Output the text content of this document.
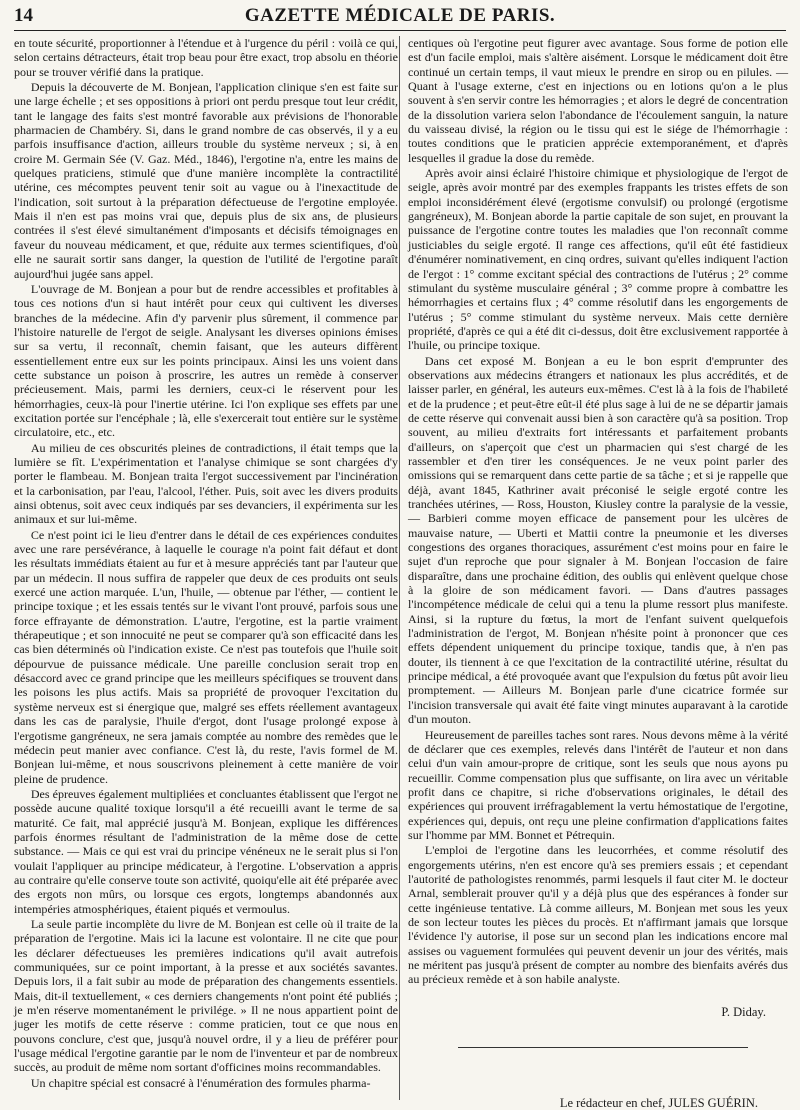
14	GAZETTE MÉDICALE DE PARIS.

en toute sécurité, proportionner à l'étendue et à l'urgence du péril : voilà ce qui, selon certains détracteurs, était trop beau pour être exact, trop absolu en théorie pour se trouver vérifié dans la pratique.

Depuis la découverte de M. Bonjean, l'application clinique s'en est faite sur une large échelle ; et ses oppositions à priori ont perdu presque tout leur crédit, tant le langage des faits s'est montré favorable aux prévisions de l'honorable pharmacien de Chambéry. Si, dans le grand nombre de cas observés, il y a eu parfois insuffisance d'action, ailleurs trouble du système nerveux ; si, à en croire M. Germain Sée (V. Gaz. Méd., 1846), l'ergotine n'a, entre les mains de quelques praticiens, stimulé que d'une manière incomplète la contractilité utérine, ces mécomptes peuvent tenir soit au vague ou à l'inexactitude de l'indication, soit surtout à la préparation défectueuse de l'ergotine employée. Mais il n'en est pas moins vrai que, depuis plus de six ans, de plusieurs contrées il s'est élevé simultanément d'imposants et décisifs témoignages en faveur du nouveau médicament, et que, réduite aux termes scientifiques, d'où elle ne saurait sortir sans danger, la question de l'utilité de l'ergotine paraît aujourd'hui jugée sans appel.

L'ouvrage de M. Bonjean a pour but de rendre accessibles et profitables à tous ces notions d'un si haut intérêt pour ceux qui cultivent les diverses branches de la médecine. Afin d'y parvenir plus sûrement, il commence par l'histoire naturelle de l'ergot de seigle. Analysant les diverses opinions émises sur sa vertu, il reconnaît, chemin faisant, que les auteurs diffèrent essentiellement entre eux sur les points principaux. Ainsi les uns voient dans cette substance un poison à proscrire, les autres un remède à conserver précieusement. Mais, parmi les derniers, ceux-ci le réservent pour les hémorrhagies, ceux-là pour l'inertie utérine. Ici l'on explique ses effets par une excitation portée sur l'encéphale ; là, elle s'exercerait tout entière sur le système circulatoire, etc., etc.

Au milieu de ces obscurités pleines de contradictions, il était temps que la lumière se fît. L'expérimentation et l'analyse chimique se sont chargées d'y porter le flambeau. M. Bonjean traita l'ergot successivement par l'incinération et la carbonisation, par l'eau, l'alcool, l'éther. Puis, soit avec les divers produits ainsi obtenus, soit avec ceux indiqués par ses devanciers, il expérimenta sur les animaux et sur lui-même.

Ce n'est point ici le lieu d'entrer dans le détail de ces expériences conduites avec une rare persévérance, à laquelle le courage n'a point fait défaut et dont les résultats immédiats étaient au fur et à mesure appréciés tant par l'auteur que par un médecin. Il nous suffira de rappeler que deux de ces produits ont seuls exercé une action marquée. L'un, l'huile, — obtenue par l'éther, — contient le principe toxique ; et les essais tentés sur le vivant l'ont prouvé, parfois sous une force effrayante de démonstration. L'autre, l'ergotine, est la partie vraiment thérapeutique ; et son innocuité ne peut se comparer qu'à son efficacité dans les cas bien déterminés où l'indication existe. Ce n'est pas toutefois que l'huile soit dépourvue de puissance médicale. Une pareille conclusion serait trop en désaccord avec ce grand principe que les meilleurs spécifiques se trouvent dans les poisons les plus actifs. Mais sa propriété de provoquer l'excitation du système nerveux est si énergique que, malgré ses effets réellement avantageux dans les cas de paralysie, l'huile d'ergot, dont l'usage prolongé expose à l'ergotisme gangréneux, ne sera jamais comptée au nombre des remèdes que le médecin peut manier avec confiance. C'est là, du reste, l'avis formel de M. Bonjean lui-même, et nous souscrivons pleinement à cette manière de voir pleine de prudence.

Des épreuves également multipliées et concluantes établissent que l'ergot ne possède aucune qualité toxique lorsqu'il a été recueilli avant le terme de sa maturité. Ce fait, mal apprécié jusqu'à M. Bonjean, explique les différences parfois énormes résultant de l'administration de la même dose de cette substance. — Mais ce qui est vrai du principe vénéneux ne le serait plus si l'on voulait l'appliquer au principe médicateur, à l'ergotine. L'observation a appris au contraire qu'elle conserve toute son activité, quoiqu'elle ait été préparée avec des ergots non mûrs, ou lorsque ces ergots, longtemps abandonnés aux intempéries atmosphériques, étaient piqués et vermoulus.

La seule partie incomplète du livre de M. Bonjean est celle où il traite de la préparation de l'ergotine. Mais ici la lacune est volontaire. Il ne cite que pour les déclarer défectueuses les premières indications qu'il avait autrefois communiquées, sur ce point important, à la presse et aux sociétés savantes. Depuis lors, il a fait subir au mode de préparation des changements essentiels. Mais, dit-il textuellement, « ces derniers changements n'ont point été publiés ; je m'en réserve momentanément le privilége. » Il ne nous appartient point de juger les motifs de cette réserve : comme praticien, tout ce que nous en pouvons conclure, c'est que, jusqu'à nouvel ordre, il y a lieu de préférer pour l'usage médical l'ergotine garantie par le nom de l'inventeur et par de nombreux succès, au produit de même nom sortant d'officines moins recommandables.

Un chapitre spécial est consacré à l'énumération des formules pharma-

centiques où l'ergotine peut figurer avec avantage. Sous forme de potion elle est d'un facile emploi, mais s'altère aisément. Lorsque le médicament doit être continué un certain temps, il vaut mieux le prendre en sirop ou en pilules. — Quant à l'usage externe, c'est en injections ou en lotions qu'on a le plus souvent à s'en servir contre les hémorragies ; et alors le degré de concentration de la dissolution variera selon l'abondance de l'écoulement sanguin, la nature du vaisseau divisé, la région ou le tissu qui est le siége de l'hémorrhagie : toutes conditions que le praticien apprécie extemporanément, et d'après lesquelles il gradue la dose du remède.

Après avoir ainsi éclairé l'histoire chimique et physiologique de l'ergot de seigle, après avoir montré par des exemples frappants les tristes effets de son emploi inconsidérément élevé (ergotisme convulsif) ou prolongé (ergotisme gangréneux), M. Bonjean aborde la partie capitale de son sujet, en prouvant la puissance de l'ergotine contre toutes les maladies que l'on reconnaît comme justiciables du seigle ergoté. Il range ces affections, qu'il eût été fastidieux d'énumérer nominativement, en cinq ordres, suivant qu'elles indiquent l'action de l'ergot : 1° comme excitant spécial des contractions de l'utérus ; 2° comme stimulant du système musculaire général ; 3° comme propre à combattre les hémorrhagies et certains flux ; 4° comme résolutif dans les engorgements de l'utérus ; 5° comme stimulant du système nerveux. Mais cette dernière propriété, d'après ce qui a été dit ci-dessus, doit être exclusivement rapportée à l'huile, ou principe toxique.

Dans cet exposé M. Bonjean a eu le bon esprit d'emprunter des observations aux médecins étrangers et nationaux les plus accrédités, et de laisser parler, en général, les auteurs eux-mêmes. C'est là à la fois de l'habileté et de la prudence ; et peut-être eût-il été plus sage à lui de ne se départir jamais de cette réserve qui convenait aussi bien à son caractère qu'à sa position. Trop souvent, au milieu d'extraits fort intéressants et parfaitement probants d'ailleurs, on s'aperçoit que c'est un pharmacien qui s'est chargé de les rassembler et d'en tirer les conséquences. Je ne veux point parler des omissions qui se remarquent dans cette partie de sa tâche ; et si je rappelle que déjà, avant 1845, Kathriner avait préconisé le seigle ergoté contre les tranchées utérines, — Ross, Houston, Kiusley contre la paralysie de la vessie, — Barbieri comme moyen efficace de pansement pour les ulcères de mauvaise nature, — Uberti et Mattii contre la pneumonie et les diverses congestions des organes thoraciques, assurément c'est moins pour en faire le sujet d'un reproche que pour signaler à M. Bonjean l'occasion de faire disparaître, dans une prochaine édition, des oublis qui enlèvent quelque chose à la gloire de son médicament favori. — Dans d'autres passages l'incompétence médicale de celui qui a tenu la plume ressort plus manifeste. Ainsi, si la rupture du fœtus, la mort de l'enfant suivent quelquefois l'administration de l'ergot, M. Bonjean n'hésite point à prononcer que ces effets dépendent uniquement du principe toxique, tandis que, à n'en pas douter, ils tiennent à ce que l'excitation de la contractilité utérine, résultat du principe médical, a été provoquée avant que l'expulsion du fœtus pût avoir lieu promptement. — Ailleurs M. Bonjean parle d'une cicatrice formée sur l'incision transversale qui avait été faite vingt minutes auparavant à la carotide d'un mouton.

Heureusement de pareilles taches sont rares. Nous devons même à la vérité de déclarer que ces exemples, relevés dans l'intérêt de l'auteur et non dans celui d'un vain amour-propre de critique, sont les seuls que nous ayons pu recueillir. Comme compensation plus que suffisante, on lira avec un véritable profit dans ce chapitre, si riche d'observations originales, le détail des expériences qui prouvent irréfragablement la vertu hémostatique de l'ergotine, expériences qui, depuis, ont reçu une pleine confirmation d'applications faites sur l'homme par MM. Bonnet et Pétrequin.

L'emploi de l'ergotine dans les leucorrhées, et comme résolutif des engorgements utérins, n'en est encore qu'à ses premiers essais ; et cependant l'autorité de pathologistes renommés, parmi lesquels il faut citer M. le docteur Arnal, semblerait prouver qu'il y a déjà plus que des espérances à fonder sur cette ingénieuse tentative. Là comme ailleurs, M. Bonjean met sous les yeux de son lecteur toutes les pièces du procès. Et n'affirmant jamais que lorsque l'évidence l'y autorise, il pose sur un second plan les indications encore mal assises ou vaguement formulées qui peuvent devenir un jour des vérités, mais ne méritent pas jusqu'à présent de compter au nombre des bienfaits avérés dus au précieux remède et à son habile analyste.

P. Diday.
Le rédacteur en chef, JULES GUÉRIN.
